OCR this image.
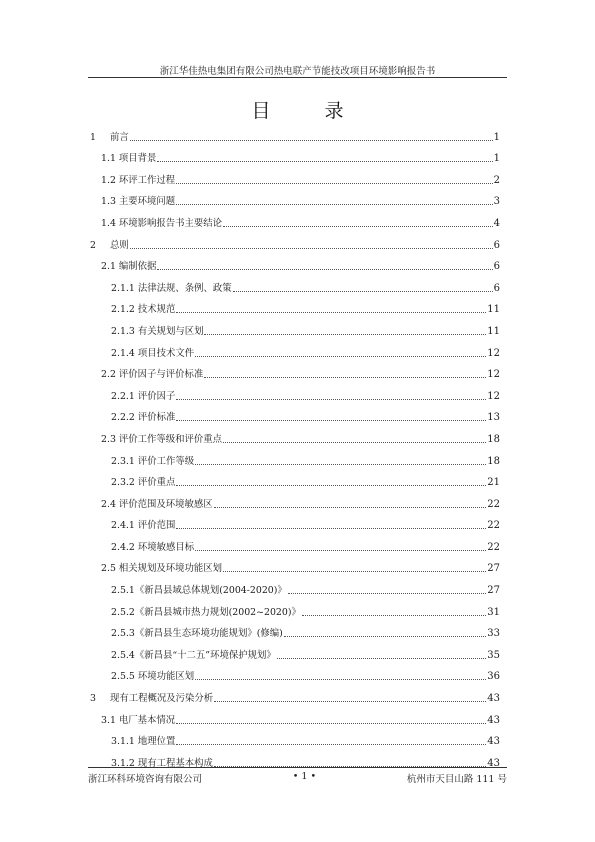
浙江华佳热电集团有限公司热电联产节能技改项目环境影响报告书
目 录
1	前言	1
1.1 项目背景	1
1.2 环评工作过程	2
1.3 主要环境问题	3
1.4 环境影响报告书主要结论	4
2	总则	6
2.1 编制依据	6
2.1.1 法律法规、条例、政策	6
2.1.2 技术规范	11
2.1.3 有关规划与区划	11
2.1.4 项目技术文件	12
2.2 评价因子与评价标准	12
2.2.1 评价因子	12
2.2.2 评价标准	13
2.3 评价工作等级和评价重点	18
2.3.1 评价工作等级	18
2.3.2 评价重点	21
2.4 评价范围及环境敏感区	22
2.4.1 评价范围	22
2.4.2 环境敏感目标	22
2.5 相关规划及环境功能区划	27
2.5.1《新昌县域总体规划(2004-2020)》	27
2.5.2《新昌县城市热力规划(2002~2020)》	31
2.5.3《新昌县生态环境功能规划》(修编)	33
2.5.4《新昌县“十二五”环境保护规划》	35
2.5.5 环境功能区划	36
3	现有工程概况及污染分析	43
3.1 电厂基本情况	43
3.1.1 地理位置	43
3.1.2 现有工程基本构成	43
浙江环科环境咨询有限公司	• 1 •	杭州市天目山路 111 号
